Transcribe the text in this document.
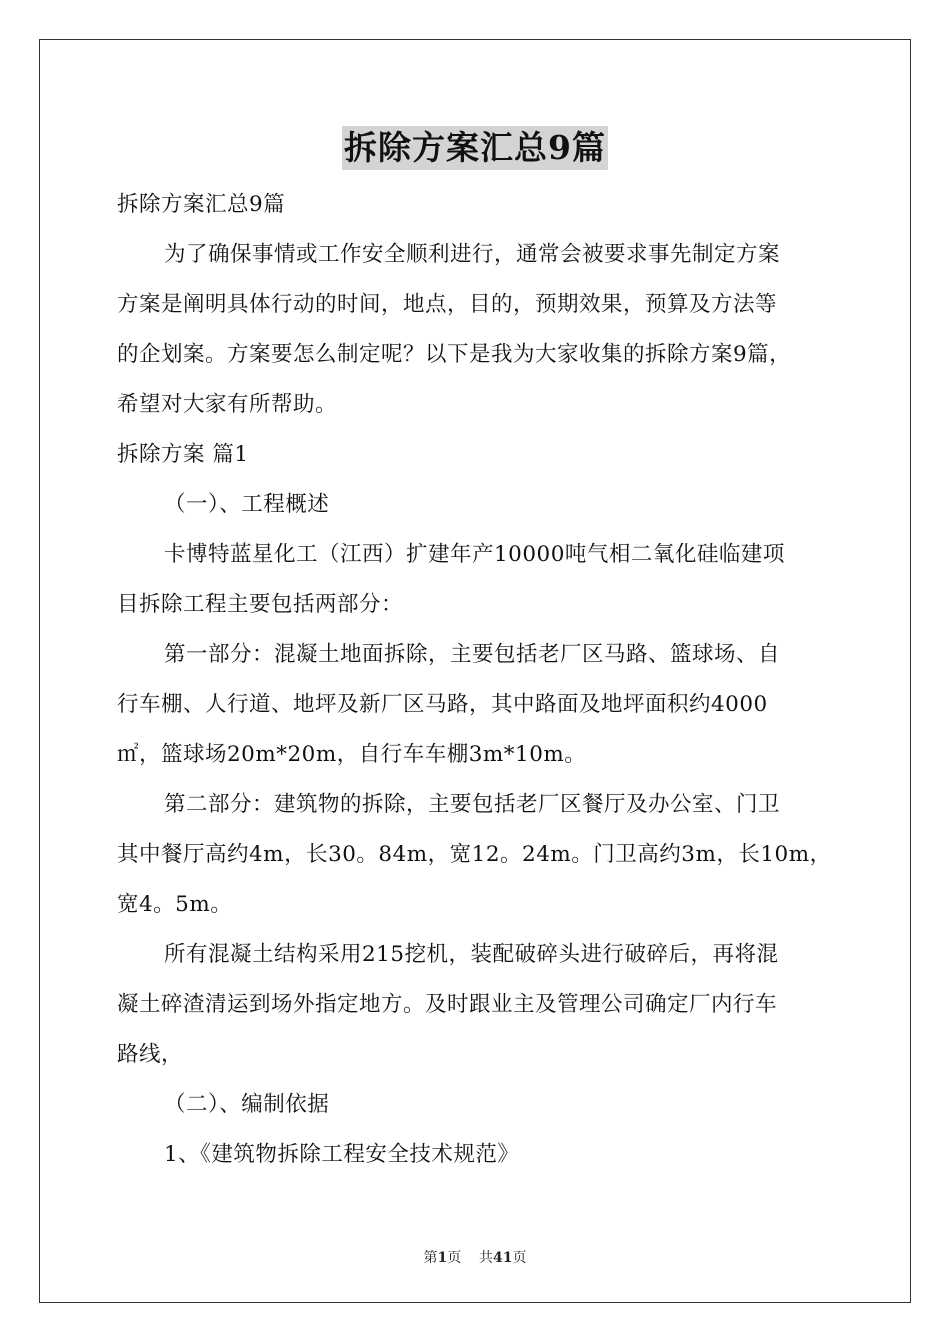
拆除方案汇总9篇
拆除方案汇总9篇
为了确保事情或工作安全顺利进行，通常会被要求事先制定方案
方案是阐明具体行动的时间，地点，目的，预期效果，预算及方法等
的企划案。方案要怎么制定呢？以下是我为大家收集的拆除方案9篇，
希望对大家有所帮助。
拆除方案 篇1
（一）、工程概述
卡博特蓝星化工（江西）扩建年产10000吨气相二氧化硅临建项
目拆除工程主要包括两部分：
第一部分：混凝土地面拆除，主要包括老厂区马路、篮球场、自
行车棚、人行道、地坪及新厂区马路，其中路面及地坪面积约4000
㎡，篮球场20m*20m，自行车车棚3m*10m。
第二部分：建筑物的拆除，主要包括老厂区餐厅及办公室、门卫
其中餐厅高约4m，长30。84m，宽12。24m。门卫高约3m，长10m，
宽4。5m。
所有混凝土结构采用215挖机，装配破碎头进行破碎后，再将混
凝土碎渣清运到场外指定地方。及时跟业主及管理公司确定厂内行车
路线，
（二）、编制依据
1、《建筑物拆除工程安全技术规范》
第1页 共41页
